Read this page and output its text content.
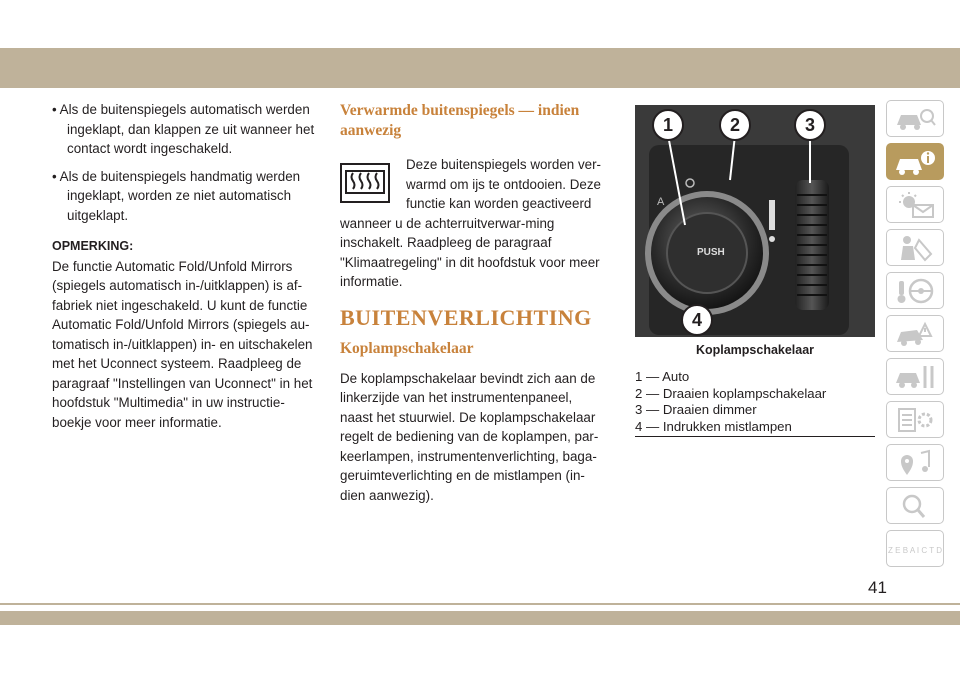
• Als de buitenspiegels automatisch werden ingeklapt, dan klappen ze uit wanneer het contact wordt ingeschakeld.

• Als de buitenspiegels handmatig werden ingeklapt, worden ze niet automatisch uitgeklapt.

OPMERKING:
De functie Automatic Fold/Unfold Mirrors (spiegels automatisch in-/uitklappen) is af-fabriek niet ingeschakeld. U kunt de functie Automatic Fold/Unfold Mirrors (spiegels au-tomatisch in-/uitklappen) in- en uitschakelen met het Uconnect systeem. Raadpleeg de paragraaf "Instellingen van Uconnect" in het hoofdstuk "Multimedia" in uw instructie-boekje voor meer informatie.

Verwarmde buitenspiegels — indien aanwezig

Deze buitenspiegels worden ver-warmd om ijs te ontdooien. Deze functie kan worden geactiveerd wanneer u de achterruitverwar-ming inschakelt. Raadpleeg de paragraaf "Klimaatregeling" in dit hoofdstuk voor meer informatie.
BUITENVERLICHTING
Koplampschakelaar
De koplampschakelaar bevindt zich aan de linkerzijde van het instrumentenpaneel, naast het stuurwiel. De koplampschakelaar regelt de bediening van de koplampen, par-keerlampen, instrumentenverlichting, baga-geruimteverlichting en de mistlampen (in-dien aanwezig).
PUSH
A
1	2	3
4
Koplampschakelaar
1 — Auto
2 — Draaien koplampschakelaar
3 — Draaien dimmer
4 — Indrukken mistlampen
Z E B A I C T D
41
